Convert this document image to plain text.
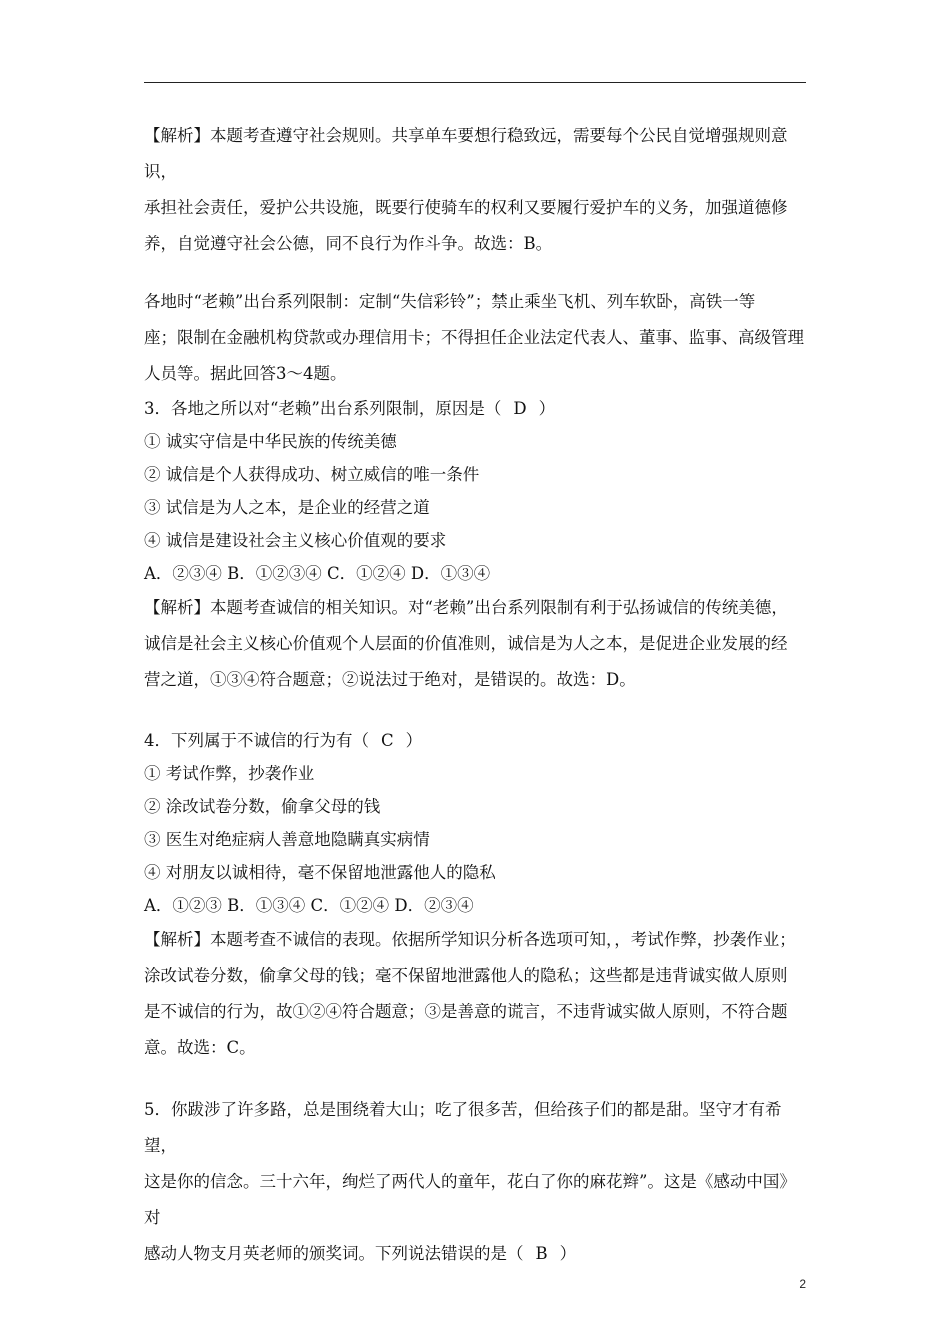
【解析】本题考查遵守社会规则。共享单车要想行稳致远，需要每个公民自觉增强规则意识，

承担社会责任，爱护公共设施，既要行使骑车的权利又要履行爱护车的义务，加强道德修

养，自觉遵守社会公德，同不良行为作斗争。故选：B。

各地时“老赖”出台系列限制：定制“失信彩铃”；禁止乘坐飞机、列车软卧，高铁一等

座；限制在金融机构贷款或办理信用卡；不得担任企业法定代表人、董事、监事、高级管理

人员等。据此回答3～4题。

3．各地之所以对“老赖”出台系列限制，原因是（ D ）

① 诚实守信是中华民族的传统美德

② 诚信是个人获得成功、树立威信的唯一条件

③ 试信是为人之本，是企业的经营之道

④ 诚信是建设社会主义核心价值观的要求

A．②③④ B．①②③④ C．①②④ D．①③④

【解析】本题考查诚信的相关知识。对“老赖”出台系列限制有利于弘扬诚信的传统美德，

诚信是社会主义核心价值观个人层面的价值准则，诚信是为人之本，是促进企业发展的经

营之道，①③④符合题意；②说法过于绝对，是错误的。故选：D。

4．下列属于不诚信的行为有（ C ）

① 考试作弊，抄袭作业

② 涂改试卷分数，偷拿父母的钱

③ 医生对绝症病人善意地隐瞒真实病情

④ 对朋友以诚相待，毫不保留地泄露他人的隐私

A．①②③ B．①③④ C．①②④ D．②③④

【解析】本题考查不诚信的表现。依据所学知识分析各选项可知，，考试作弊，抄袭作业；

涂改试卷分数，偷拿父母的钱；毫不保留地泄露他人的隐私；这些都是违背诚实做人原则

是不诚信的行为，故①②④符合题意；③是善意的谎言，不违背诚实做人原则，不符合题

意。故选：C。

5．你跋涉了许多路，总是围绕着大山；吃了很多苦，但给孩子们的都是甜。坚守才有希望，

这是你的信念。三十六年，绚烂了两代人的童年，花白了你的麻花辫”。这是《感动中国》对

感动人物支月英老师的颁奖词。下列说法错误的是（ B ）

2
